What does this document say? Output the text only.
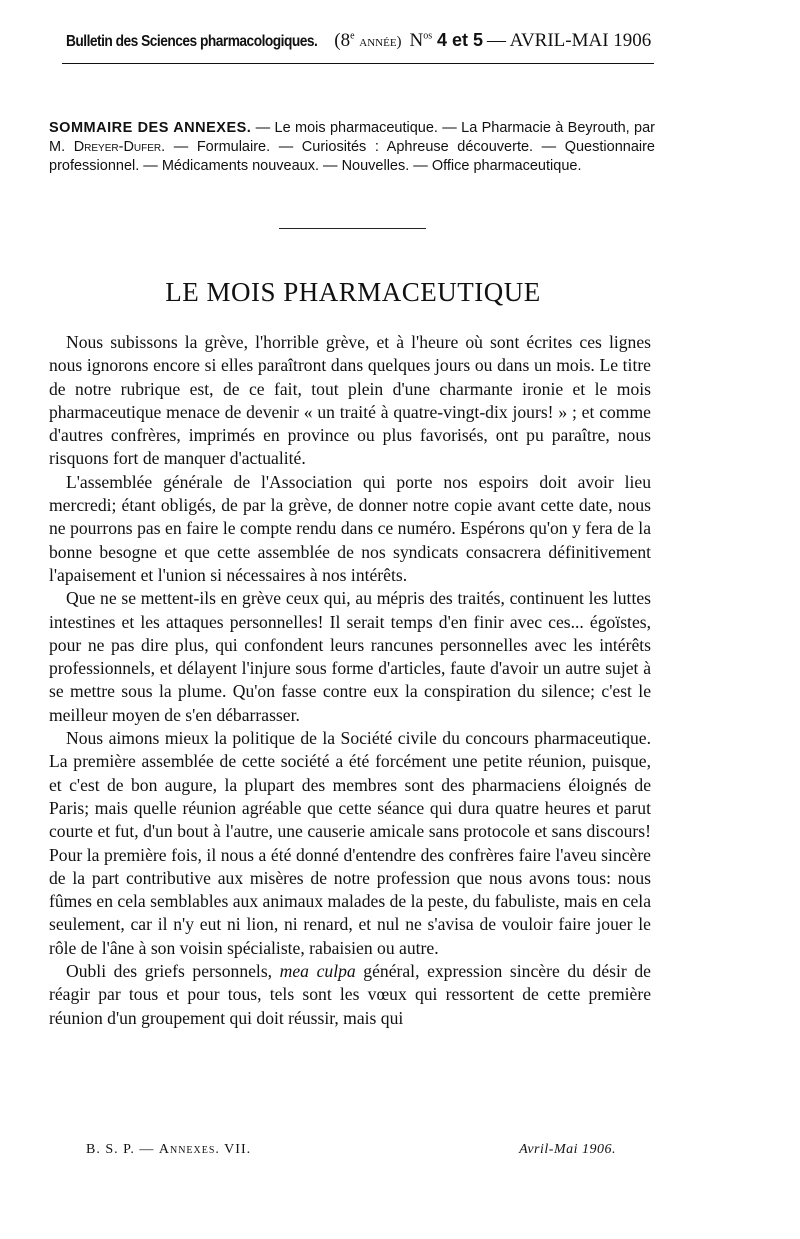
Bulletin des Sciences pharmacologiques. (8e année) $N^{os}$ 4 et 5 — AVRIL-MAI 1906
SOMMAIRE DES ANNEXES. — Le mois pharmaceutique. — La Pharmacie à Beyrouth, par M. Dreyer-Dufer. — Formulaire. — Curiosités : Aphreuse découverte. — Questionnaire professionnel. — Médicaments nouveaux. — Nouvelles. — Office pharmaceutique.
LE MOIS PHARMACEUTIQUE

Nous subissons la grève, l'horrible grève, et à l'heure où sont écrites ces lignes nous ignorons encore si elles paraîtront dans quelques jours ou dans un mois. Le titre de notre rubrique est, de ce fait, tout plein d'une charmante ironie et le mois pharmaceutique menace de devenir « un traité à quatre-vingt-dix jours! » ; et comme d'autres confrères, imprimés en province ou plus favorisés, ont pu paraître, nous risquons fort de manquer d'actualité.

L'assemblée générale de l'Association qui porte nos espoirs doit avoir lieu mercredi; étant obligés, de par la grève, de donner notre copie avant cette date, nous ne pourrons pas en faire le compte rendu dans ce numéro. Espérons qu'on y fera de la bonne besogne et que cette assemblée de nos syndicats consacrera définitivement l'apaisement et l'union si nécessaires à nos intérêts.

Que ne se mettent-ils en grève ceux qui, au mépris des traités, continuent les luttes intestines et les attaques personnelles! Il serait temps d'en finir avec ces... égoïstes, pour ne pas dire plus, qui confondent leurs rancunes personnelles avec les intérêts professionnels, et délayent l'injure sous forme d'articles, faute d'avoir un autre sujet à se mettre sous la plume. Qu'on fasse contre eux la conspiration du silence; c'est le meilleur moyen de s'en débarrasser.

Nous aimons mieux la politique de la Société civile du concours pharmaceutique. La première assemblée de cette société a été forcément une petite réunion, puisque, et c'est de bon augure, la plupart des membres sont des pharmaciens éloignés de Paris; mais quelle réunion agréable que cette séance qui dura quatre heures et parut courte et fut, d'un bout à l'autre, une causerie amicale sans protocole et sans discours! Pour la première fois, il nous a été donné d'entendre des confrères faire l'aveu sincère de la part contributive aux misères de notre profession que nous avons tous: nous fûmes en cela semblables aux animaux malades de la peste, du fabuliste, mais en cela seulement, car il n'y eut ni lion, ni renard, et nul ne s'avisa de vouloir faire jouer le rôle de l'âne à son voisin spécialiste, rabaisien ou autre.

Oubli des griefs personnels, mea culpa général, expression sincère du désir de réagir par tous et pour tous, tels sont les vœux qui ressortent de cette première réunion d'un groupement qui doit réussir, mais qui

B. S. P. — Annexes. VII.	Avril-Mai 1906.
